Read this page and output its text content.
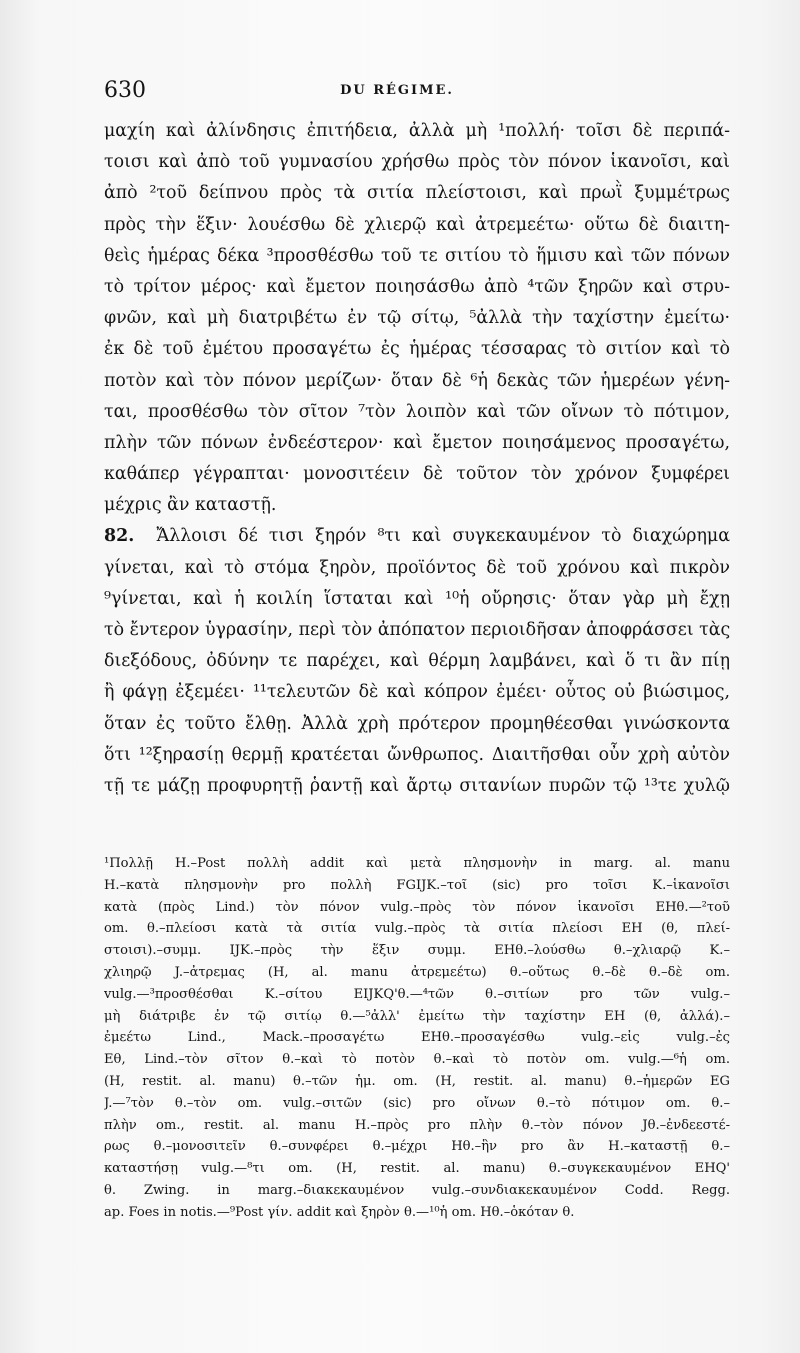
630	DU RÉGIME.
μαχίη καὶ ἀλίνδησις ἐπιτήδεια, ἀλλὰ μὴ ¹πολλή· τοῖσι δὲ περιπά-
τοισι καὶ ἀπὸ τοῦ γυμνασίου χρήσθω πρὸς τὸν πόνον ἱκανοῖσι, καὶ
ἀπὸ ²τοῦ δείπνου πρὸς τὰ σιτία πλείστοισι, καὶ πρωῒ ξυμμέτρως
πρὸς τὴν ἕξιν· λουέσθω δὲ χλιερῷ καὶ ἀτρεμεέτω· οὕτω δὲ διαιτη-
θεὶς ἡμέρας δέκα ³προσθέσθω τοῦ τε σιτίου τὸ ἥμισυ καὶ τῶν πόνων
τὸ τρίτον μέρος· καὶ ἔμετον ποιησάσθω ἀπὸ ⁴τῶν ξηρῶν καὶ στρυ-
φνῶν, καὶ μὴ διατριβέτω ἐν τῷ σίτῳ, ⁵ἀλλὰ τὴν ταχίστην ἐμείτω·
ἐκ δὲ τοῦ ἐμέτου προσαγέτω ἐς ἡμέρας τέσσαρας τὸ σιτίον καὶ τὸ
ποτὸν καὶ τὸν πόνον μερίζων· ὅταν δὲ ⁶ἡ δεκὰς τῶν ἡμερέων γένη-
ται, προσθέσθω τὸν σῖτον ⁷τὸν λοιπὸν καὶ τῶν οἴνων τὸ πότιμον,
πλὴν τῶν πόνων ἐνδεέστερον· καὶ ἔμετον ποιησάμενος προσαγέτω,
καθάπερ γέγραπται· μονοσιτέειν δὲ τοῦτον τὸν χρόνον ξυμφέρει
μέχρις ἂν καταστῇ.
82. Ἄλλοισι δέ τισι ξηρόν ⁸τι καὶ συγκεκαυμένον τὸ διαχώρημα
γίνεται, καὶ τὸ στόμα ξηρὸν, προϊόντος δὲ τοῦ χρόνου καὶ πικρὸν
⁹γίνεται, καὶ ἡ κοιλίη ἵσταται καὶ ¹⁰ἡ οὔρησις· ὅταν γὰρ μὴ ἔχῃ
τὸ ἔντερον ὑγρασίην, περὶ τὸν ἀπόπατον περιοιδῆσαν ἀποφράσσει τὰς
διεξόδους, ὀδύνην τε παρέχει, καὶ θέρμη λαμβάνει, καὶ ὅ τι ἂν πίῃ
ἢ φάγῃ ἐξεμέει· ¹¹τελευτῶν δὲ καὶ κόπρον ἐμέει· οὗτος οὐ βιώσιμος,
ὅταν ἐς τοῦτο ἔλθῃ. Ἀλλὰ χρὴ πρότερον προμηθέεσθαι γινώσκοντα
ὅτι ¹²ξηρασίῃ θερμῇ κρατέεται ὤνθρωπος. Διαιτῆσθαι οὖν χρὴ αὐτὸν
τῇ τε μάζῃ προφυρητῇ ῥαντῇ καὶ ἄρτῳ σιτανίων πυρῶν τῷ ¹³τε χυλῷ
¹Πολλῇ H.–Post πολλὴ addit καὶ μετὰ πλησμονὴν in marg. al. manu
H.–κατὰ πλησμονὴν pro πολλὴ FGIJK.–τοῖ (sic) pro τοῖσι K.–ἱκανοῖσι
κατὰ (πρὸς Lind.) τὸν πόνον vulg.–πρὸς τὸν πόνον ἱκανοῖσι EHθ.—²τοῦ
om. θ.–πλείοσι κατὰ τὰ σιτία vulg.–πρὸς τὰ σιτία πλείοσι EH (θ, πλεί-
στοισι).–συμμ. IJK.–πρὸς τὴν ἕξιν συμμ. EHθ.–λούσθω θ.–χλιαρῷ K.–
χλιηρῷ J.–ἀτρεμας (H, al. manu ἀτρεμεέτω) θ.–οὕτως θ.–δὲ θ.–δὲ om.
vulg.—³προσθέσθαι K.–σίτου EIJKQ'θ.—⁴τῶν θ.–σιτίων pro τῶν vulg.–
μὴ διάτριβε ἐν τῷ σιτίῳ θ.—⁵ἀλλ' ἐμείτω τὴν ταχίστην EH (θ, ἀλλά).–
ἐμεέτω Lind., Mack.–προσαγέτω EHθ.–προσαγέσθω vulg.–εἰς vulg.–ἐς
Eθ, Lind.–τὸν σῖτον θ.–καὶ τὸ ποτὸν θ.–καὶ τὸ ποτὸν om. vulg.—⁶ἡ om.
(H, restit. al. manu) θ.–τῶν ἡμ. om. (H, restit. al. manu) θ.–ἡμερῶν EG
J.—⁷τὸν θ.–τὸν om. vulg.–σιτῶν (sic) pro οἴνων θ.–τὸ πότιμον om. θ.–
πλὴν om., restit. al. manu H.–πρὸς pro πλὴν θ.–τὸν πόνον Jθ.–ἐνδεεστέ-
ρως θ.–μονοσιτεῖν θ.–συνφέρει θ.–μέχρι Hθ.–ἣν pro ἂν H.–καταστῇ θ.–
καταστήσῃ vulg.—⁸τι om. (H, restit. al. manu) θ.–συγκεκαυμένον EHQ'
θ. Zwing. in marg.–διακεκαυμένον vulg.–συνδιακεκαυμένον Codd. Regg.
ap. Foes in notis.—⁹Post γίν. addit καὶ ξηρὸν θ.—¹⁰ἡ om. Hθ.–ὁκόταν θ.
